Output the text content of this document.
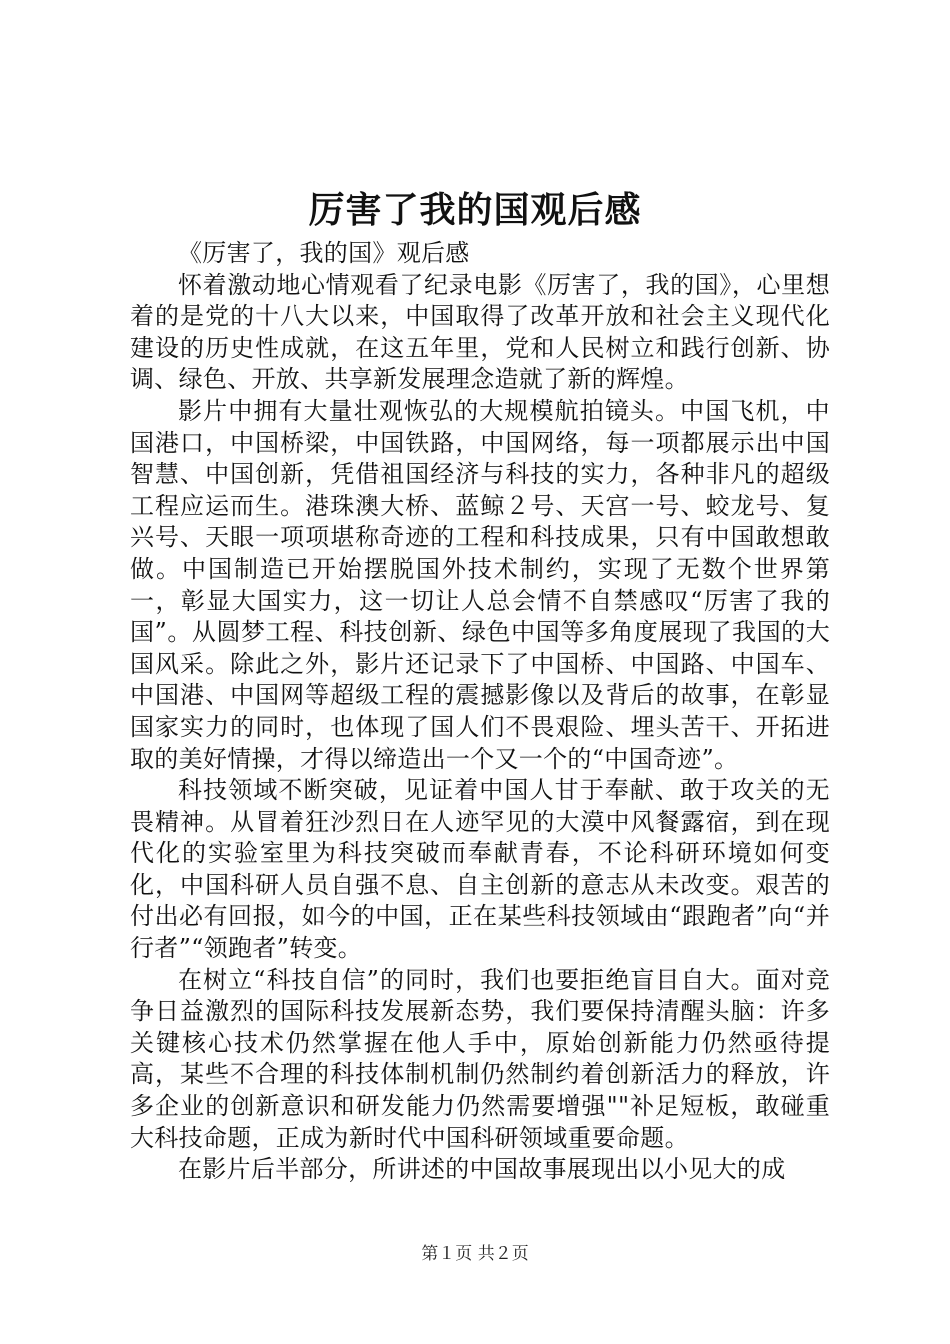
厉害了我的国观后感

《厉害了，我的国》观后感

怀着激动地心情观看了纪录电影《厉害了，我的国》，心里想着的是党的十八大以来，中国取得了改革开放和社会主义现代化建设的历史性成就，在这五年里，党和人民树立和践行创新、协调、绿色、开放、共享新发展理念造就了新的辉煌。

影片中拥有大量壮观恢弘的大规模航拍镜头。中国飞机，中国港口，中国桥梁，中国铁路，中国网络，每一项都展示出中国智慧、中国创新，凭借祖国经济与科技的实力，各种非凡的超级工程应运而生。港珠澳大桥、蓝鲸２号、天宫一号、蛟龙号、复兴号、天眼一项项堪称奇迹的工程和科技成果，只有中国敢想敢做。中国制造已开始摆脱国外技术制约，实现了无数个世界第一，彰显大国实力，这一切让人总会情不自禁感叹“厉害了我的国”。从圆梦工程、科技创新、绿色中国等多角度展现了我国的大国风采。除此之外，影片还记录下了中国桥、中国路、中国车、中国港、中国网等超级工程的震撼影像以及背后的故事，在彰显国家实力的同时，也体现了国人们不畏艰险、埋头苦干、开拓进取的美好情操，才得以缔造出一个又一个的“中国奇迹”。

科技领域不断突破，见证着中国人甘于奉献、敢于攻关的无畏精神。从冒着狂沙烈日在人迹罕见的大漠中风餐露宿，到在现代化的实验室里为科技突破而奉献青春，不论科研环境如何变化，中国科研人员自强不息、自主创新的意志从未改变。艰苦的付出必有回报，如今的中国，正在某些科技领域由“跟跑者”向“并行者”“领跑者”转变。

在树立“科技自信”的同时，我们也要拒绝盲目自大。面对竞争日益激烈的国际科技发展新态势，我们要保持清醒头脑：许多关键核心技术仍然掌握在他人手中，原始创新能力仍然亟待提高，某些不合理的科技体制机制仍然制约着创新活力的释放，许多企业的创新意识和研发能力仍然需要增强""补足短板，敢碰重大科技命题，正成为新时代中国科研领域重要命题。

在影片后半部分，所讲述的中国故事展现出以小见大的成

第１页 共２页
